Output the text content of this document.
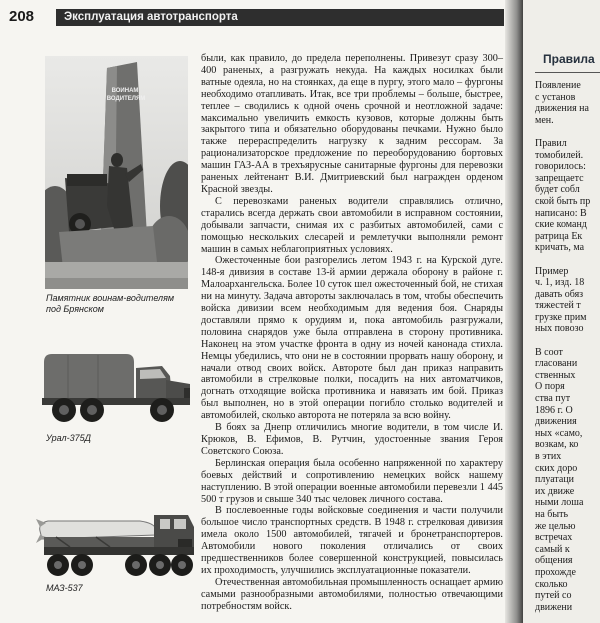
208	Эксплуатация автотранспорта
ВОИНАМ
ВОДИТЕЛЯМ
Памятник воинам-водителям
под Брянском
Урал-375Д
МАЗ-537

были, как правило, до предела переполнены. Привезут сразу 300–400 раненых, а разгружать некуда. На каждых носилках были ватные одеяла, но на стоянках, да еще в пургу, этого мало – фургоны необходимо отапливать. Итак, все три проблемы – больше, быстрее, теплее – сводились к одной очень срочной и неотложной задаче: максимально увеличить емкость кузовов, которые должны быть закрытого типа и обязательно оборудованы печками. Нужно было также перераспределить нагрузку к задним рессорам. За рационализаторское предложение по переоборудованию бортовых машин ГАЗ-АА в трехъярусные санитарные фургоны для перевозки раненых лейтенант В.И. Дмитриевский был награжден орденом Красной звезды.

С перевозками раненых водители справлялись отлично, старались всегда держать свои автомобили в исправном состоянии, добывали запчасти, снимая их с разбитых автомобилей, сами с помощью нескольких слесарей и ремлетучки выполняли ремонт машин в самых неблагоприятных условиях.

Ожесточенные бои разгорелись летом 1943 г. на Курской дуге. 148-я дивизия в составе 13-й армии держала оборону в районе г. Малоархангельска. Более 10 суток шел ожесточенный бой, не стихая ни на минуту. Задача автороты заключалась в том, чтобы обеспечить войска дивизии всем необходимым для ведения боя. Снаряды доставляли прямо к орудиям и, пока автомобиль разгружали, половина снарядов уже была отправлена в сторону противника. Наконец на этом участке фронта в одну из ночей канонада стихла. Немцы убедились, что они не в состоянии прорвать нашу оборону, и начали отвод своих войск. Автороте был дан приказ направить автомобили в стрелковые полки, посадить на них автоматчиков, догнать отходящие войска противника и навязать им бой. Приказ был выполнен, но в этой операции погибло столько водителей и автомобилей, сколько авторота не потеряла за всю войну.

В боях за Днепр отличились многие водители, в том числе И. Крюков, В. Ефимов, В. Рутчин, удостоенные звания Героя Советского Союза.

Берлинская операция была особенно напряженной по характеру боевых действий и сопротивлению немецких войск нашему наступлению. В этой операции военные автомобили перевезли 1 445 500 т грузов и свыше 340 тыс человек личного состава.

В послевоенные годы войсковые соединения и части получили большое число транспортных средств. В 1948 г. стрелковая дивизия имела около 1500 автомобилей, тягачей и бронетранспортеров. Автомобили нового поколения отличались от своих предшественников более совершенной конструкцией, повысилась их проходимость, улучшились эксплуатационные показатели.

Отечественная автомобильная промышленность оснащает армию самыми разнообразными автомобилями, полностью отвечающими потребностям войск.

Правила
Появление
с установ
движения на
мен.
Правил
томобилей.
говорилось:
запрещаетс
будет собл
ской быть пр
написано: В
ские команд
ратрица Ек
кричать, ма
Пример
ч. 1, изд. 18
давать обяз
тяжестей т
грузке прим
ных повозо
В соот
гласовани
ственных
О поря
ства пут
1896 г. О
движения
ных «само,
возкам, ко
в этих
ских доро
плуатаци
их движе
ными лоша
на быть
же целью
встречах
самый к
общения
прохожде
сколько
путей со
движени
